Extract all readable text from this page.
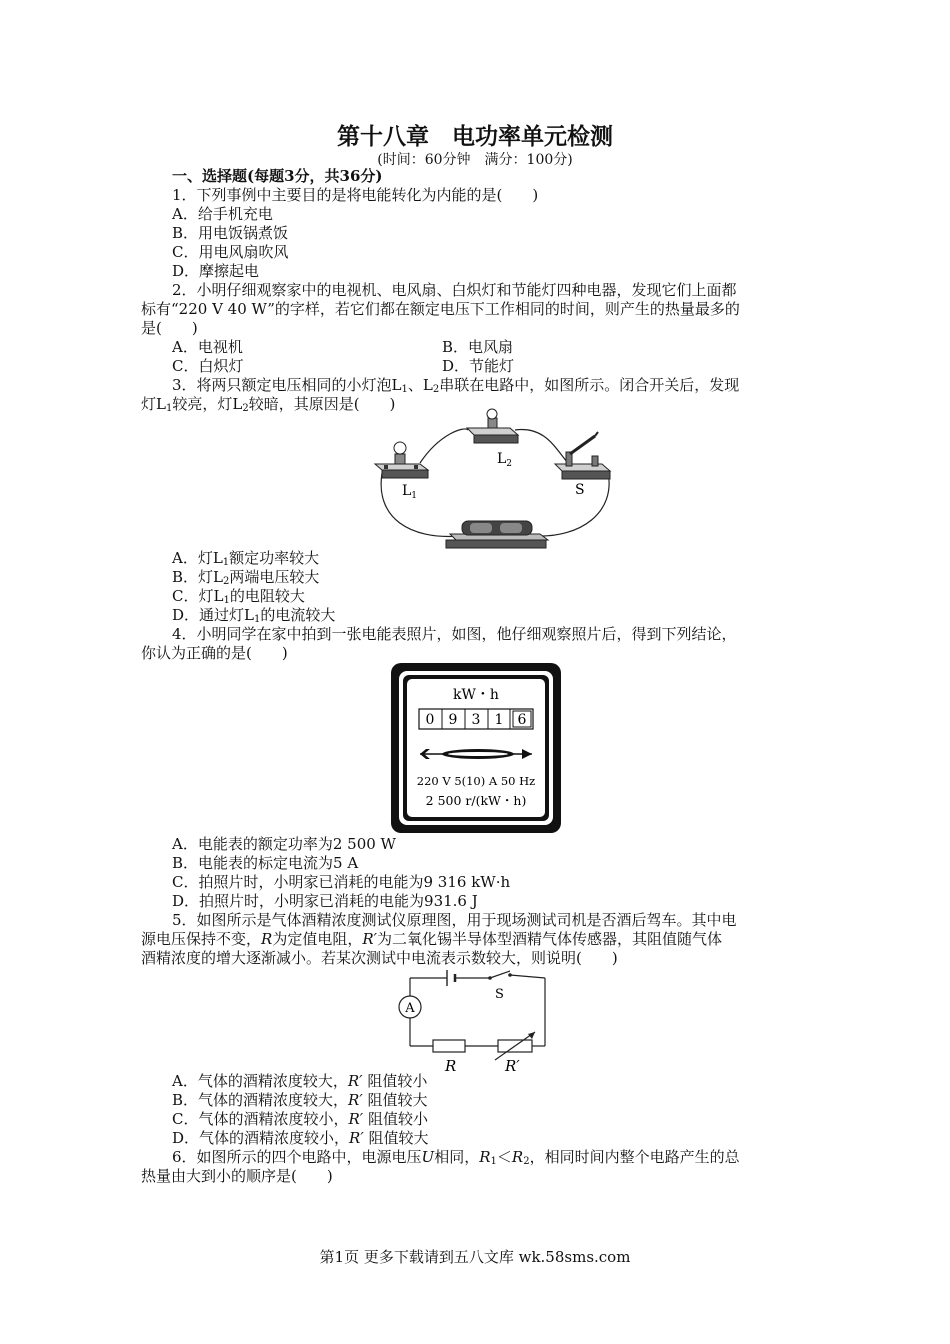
第十八章　电功率单元检测
(时间：60分钟　满分：100分)
一、选择题(每题3分，共36分)
1．下列事例中主要目的是将电能转化为内能的是(　　)
A．给手机充电
B．用电饭锅煮饭
C．用电风扇吹风
D．摩擦起电
2．小明仔细观察家中的电视机、电风扇、白炽灯和节能灯四种电器，发现它们上面都
标有“220 V 40 W”的字样，若它们都在额定电压下工作相同的时间，则产生的热量最多的
是(　　)
A．电视机	B．电风扇
C．白炽灯	D．节能灯
3．将两只额定电压相同的小灯泡$L_1$、$L_2$串联在电路中，如图所示。闭合开关后，发现
灯$L_1$较亮，灯$L_2$较暗，其原因是(　　)
$L_1$
$L_2$
S
A．灯$L_1$额定功率较大
B．灯$L_2$两端电压较大
C．灯$L_1$的电阻较大
D．通过灯$L_1$的电流较大
4．小明同学在家中拍到一张电能表照片，如图，他仔细观察照片后，得到下列结论，
你认为正确的是(　　)
kW・h
0 9 3 1 6
220 V 5(10) A 50 Hz
2 500 r/(kW・h)
A．电能表的额定功率为2 500 W
B．电能表的标定电流为5 A
C．拍照片时，小明家已消耗的电能为9 316 kW·h
D．拍照片时，小明家已消耗的电能为931.6 J
5．如图所示是气体酒精浓度测试仪原理图，用于现场测试司机是否酒后驾车。其中电
源电压保持不变，R为定值电阻，R′为二氧化锡半导体型酒精气体传感器，其阻值随气体
酒精浓度的增大逐渐减小。若某次测试中电流表示数较大，则说明(　　)
S
A
R	R′
A．气体的酒精浓度较大，R′ 阻值较小
B．气体的酒精浓度较大，R′ 阻值较大
C．气体的酒精浓度较小，R′ 阻值较小
D．气体的酒精浓度较小，R′ 阻值较大
6．如图所示的四个电路中，电源电压U相同，$R_1<R_2$，相同时间内整个电路产生的总
热量由大到小的顺序是(　　)
第1页 更多下载请到五八文库 wk.58sms.com
